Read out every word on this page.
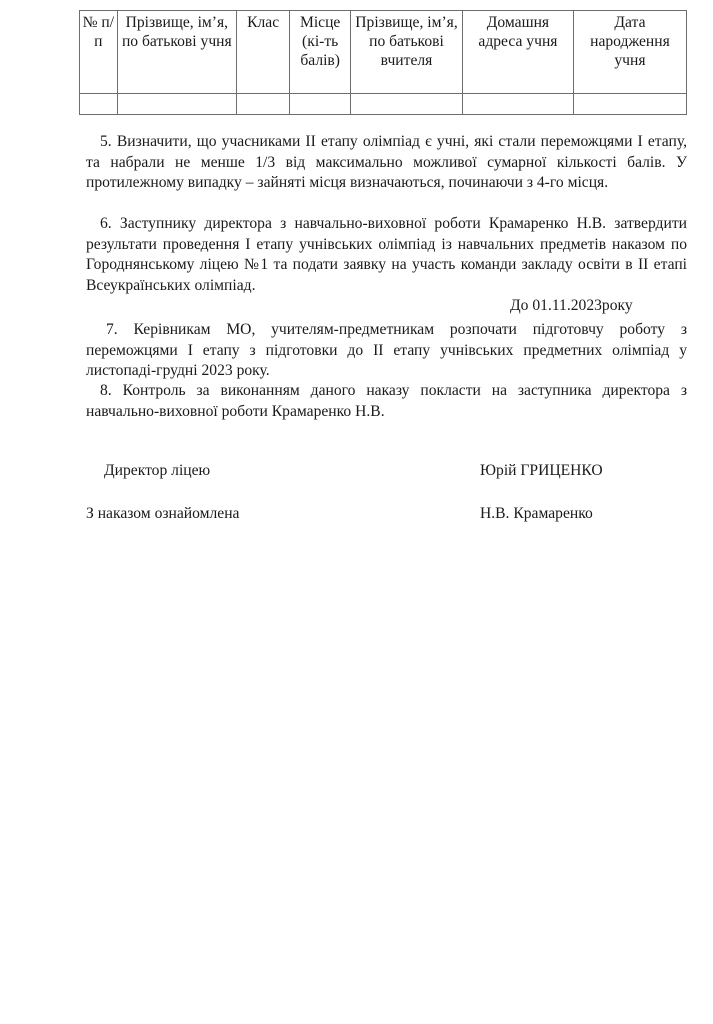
№ п/п	Прізвище, ім’я, по батькові учня	Клас	Місце (кі-ть балів)	Прізвище, ім’я, по батькові вчителя	Домашня адреса учня	Дата народження учня

5. Визначити, що учасниками ІІ етапу олімпіад є учні, які стали переможцями І етапу, та набрали не менше 1/3 від максимально можливої сумарної кількості балів. У протилежному випадку – зайняті місця визначаються, починаючи з 4-го місця.

6. Заступнику директора з навчально-виховної роботи Крамаренко Н.В. затвердити результати проведення І етапу учнівських олімпіад із навчальних предметів наказом по Городнянському ліцею №1 та подати заявку на участь команди закладу освіти в ІІ етапі Всеукраїнських олімпіад.

До 01.11.2023року

7. Керівникам МО, учителям-предметникам розпочати підготовчу роботу з переможцями І етапу з підготовки до ІІ етапу учнівських предметних олімпіад у листопаді-грудні 2023 року.

8. Контроль за виконанням даного наказу покласти на заступника директора з навчально-виховної роботи Крамаренко Н.В.

Директор ліцею	Юрій ГРИЦЕНКО
З наказом ознайомлена	Н.В. Крамаренко
